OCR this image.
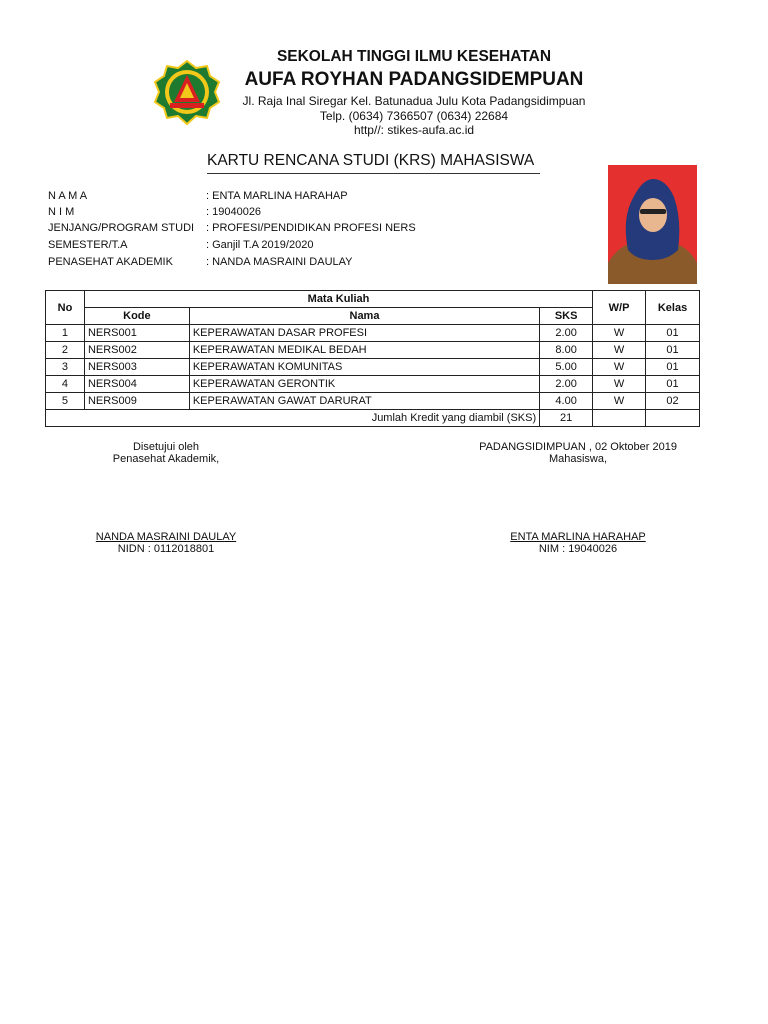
SEKOLAH TINGGI ILMU KESEHATAN
AUFA ROYHAN PADANGSIDEMPUAN
Jl. Raja Inal Siregar Kel. Batunadua Julu Kota Padangsidimpuan
Telp. (0634) 7366507 (0634) 22684
http//: stikes-aufa.ac.id
KARTU RENCANA STUDI (KRS) MAHASISWA
N A M A	: ENTA MARLINA HARAHAP
N I M	: 19040026
JENJANG/PROGRAM STUDI : PROFESI/PENDIDIKAN PROFESI NERS
SEMESTER/T.A	: Ganjil T.A 2019/2020
PENASEHAT AKADEMIK	: NANDA MASRAINI DAULAY
No	Mata Kuliah			W/P	Kelas
	Kode	Nama	SKS		
1	NERS001	KEPERAWATAN DASAR PROFESI	2.00	W	01
2	NERS002	KEPERAWATAN MEDIKAL BEDAH	8.00	W	01
3	NERS003	KEPERAWATAN KOMUNITAS	5.00	W	01
4	NERS004	KEPERAWATAN GERONTIK	2.00	W	01
5	NERS009	KEPERAWATAN GAWAT DARURAT	4.00	W	02
Jumlah Kredit yang diambil (SKS)			21		
Disetujui oleh
Penasehat Akademik,
PADANGSIDIMPUAN , 02 Oktober 2019
Mahasiswa,
NANDA MASRAINI DAULAY
NIDN : 0112018801
ENTA MARLINA HARAHAP
NIM : 19040026
